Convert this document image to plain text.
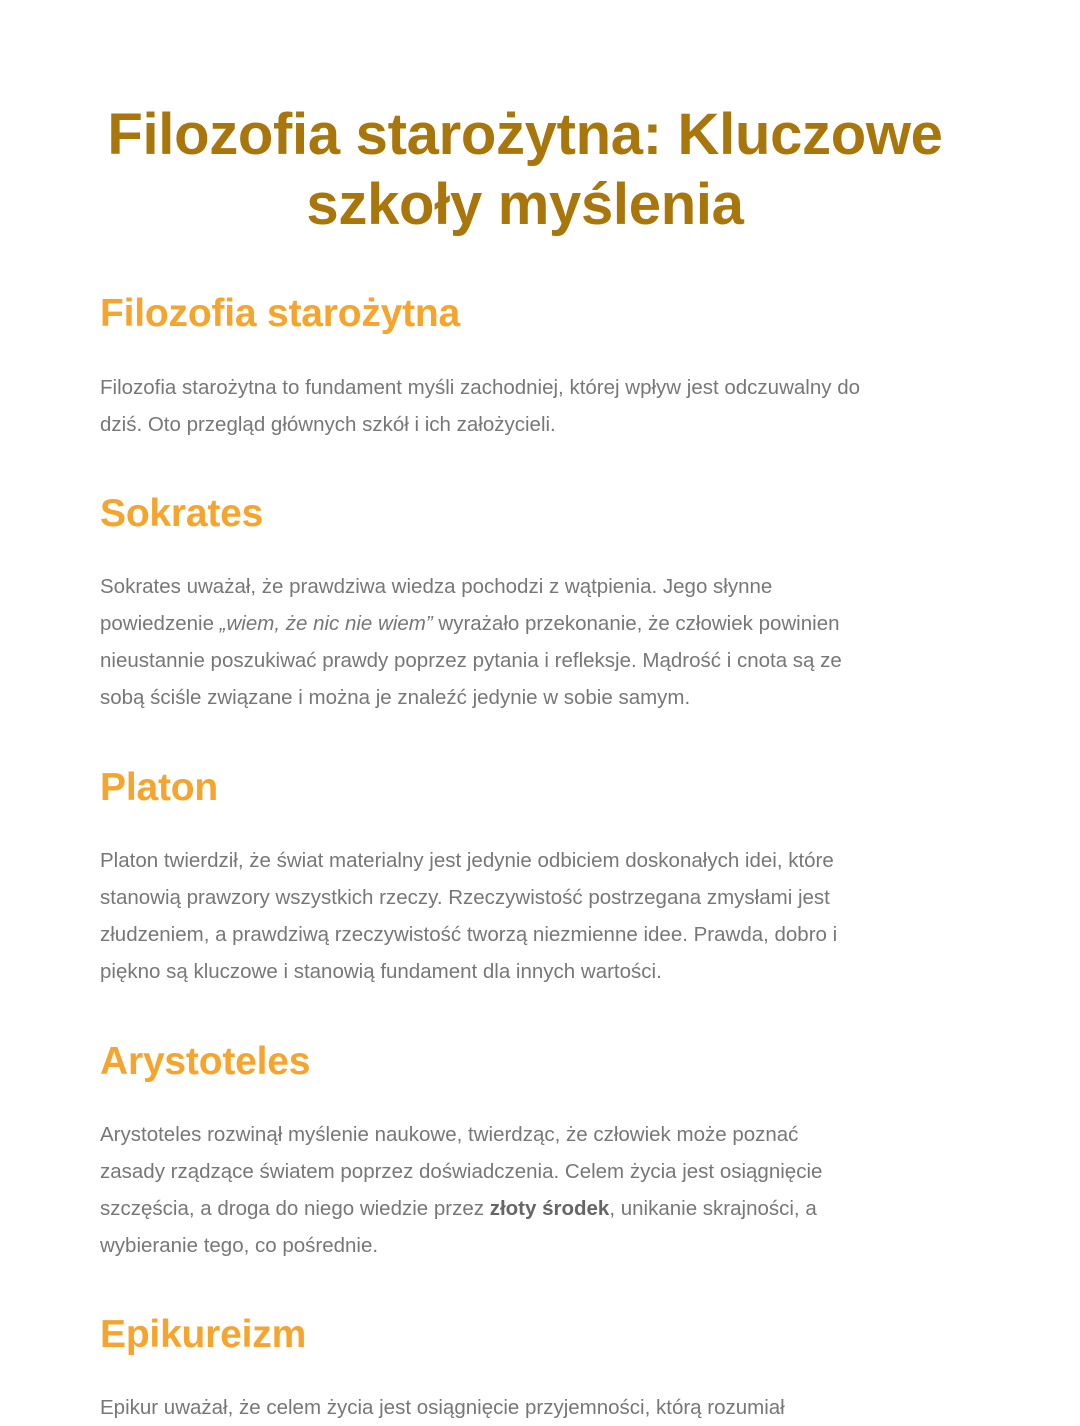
Filozofia starożytna: Kluczowe szkoły myślenia
Filozofia starożytna

Filozofia starożytna to fundament myśli zachodniej, której wpływ jest odczuwalny do
dziś. Oto przegląd głównych szkół i ich założycieli.

Sokrates

Sokrates uważał, że prawdziwa wiedza pochodzi z wątpienia. Jego słynne
powiedzenie „wiem, że nic nie wiem” wyrażało przekonanie, że człowiek powinien
nieustannie poszukiwać prawdy poprzez pytania i refleksje. Mądrość i cnota są ze
sobą ściśle związane i można je znaleźć jedynie w sobie samym.

Platon

Platon twierdził, że świat materialny jest jedynie odbiciem doskonałych idei, które
stanowią prawzory wszystkich rzeczy. Rzeczywistość postrzegana zmysłami jest
złudzeniem, a prawdziwą rzeczywistość tworzą niezmienne idee. Prawda, dobro i
piękno są kluczowe i stanowią fundament dla innych wartości.

Arystoteles

Arystoteles rozwinął myślenie naukowe, twierdząc, że człowiek może poznać
zasady rządzące światem poprzez doświadczenia. Celem życia jest osiągnięcie
szczęścia, a droga do niego wiedzie przez złoty środek, unikanie skrajności, a
wybieranie tego, co pośrednie.

Epikureizm

Epikur uważał, że celem życia jest osiągnięcie przyjemności, którą rozumiał
